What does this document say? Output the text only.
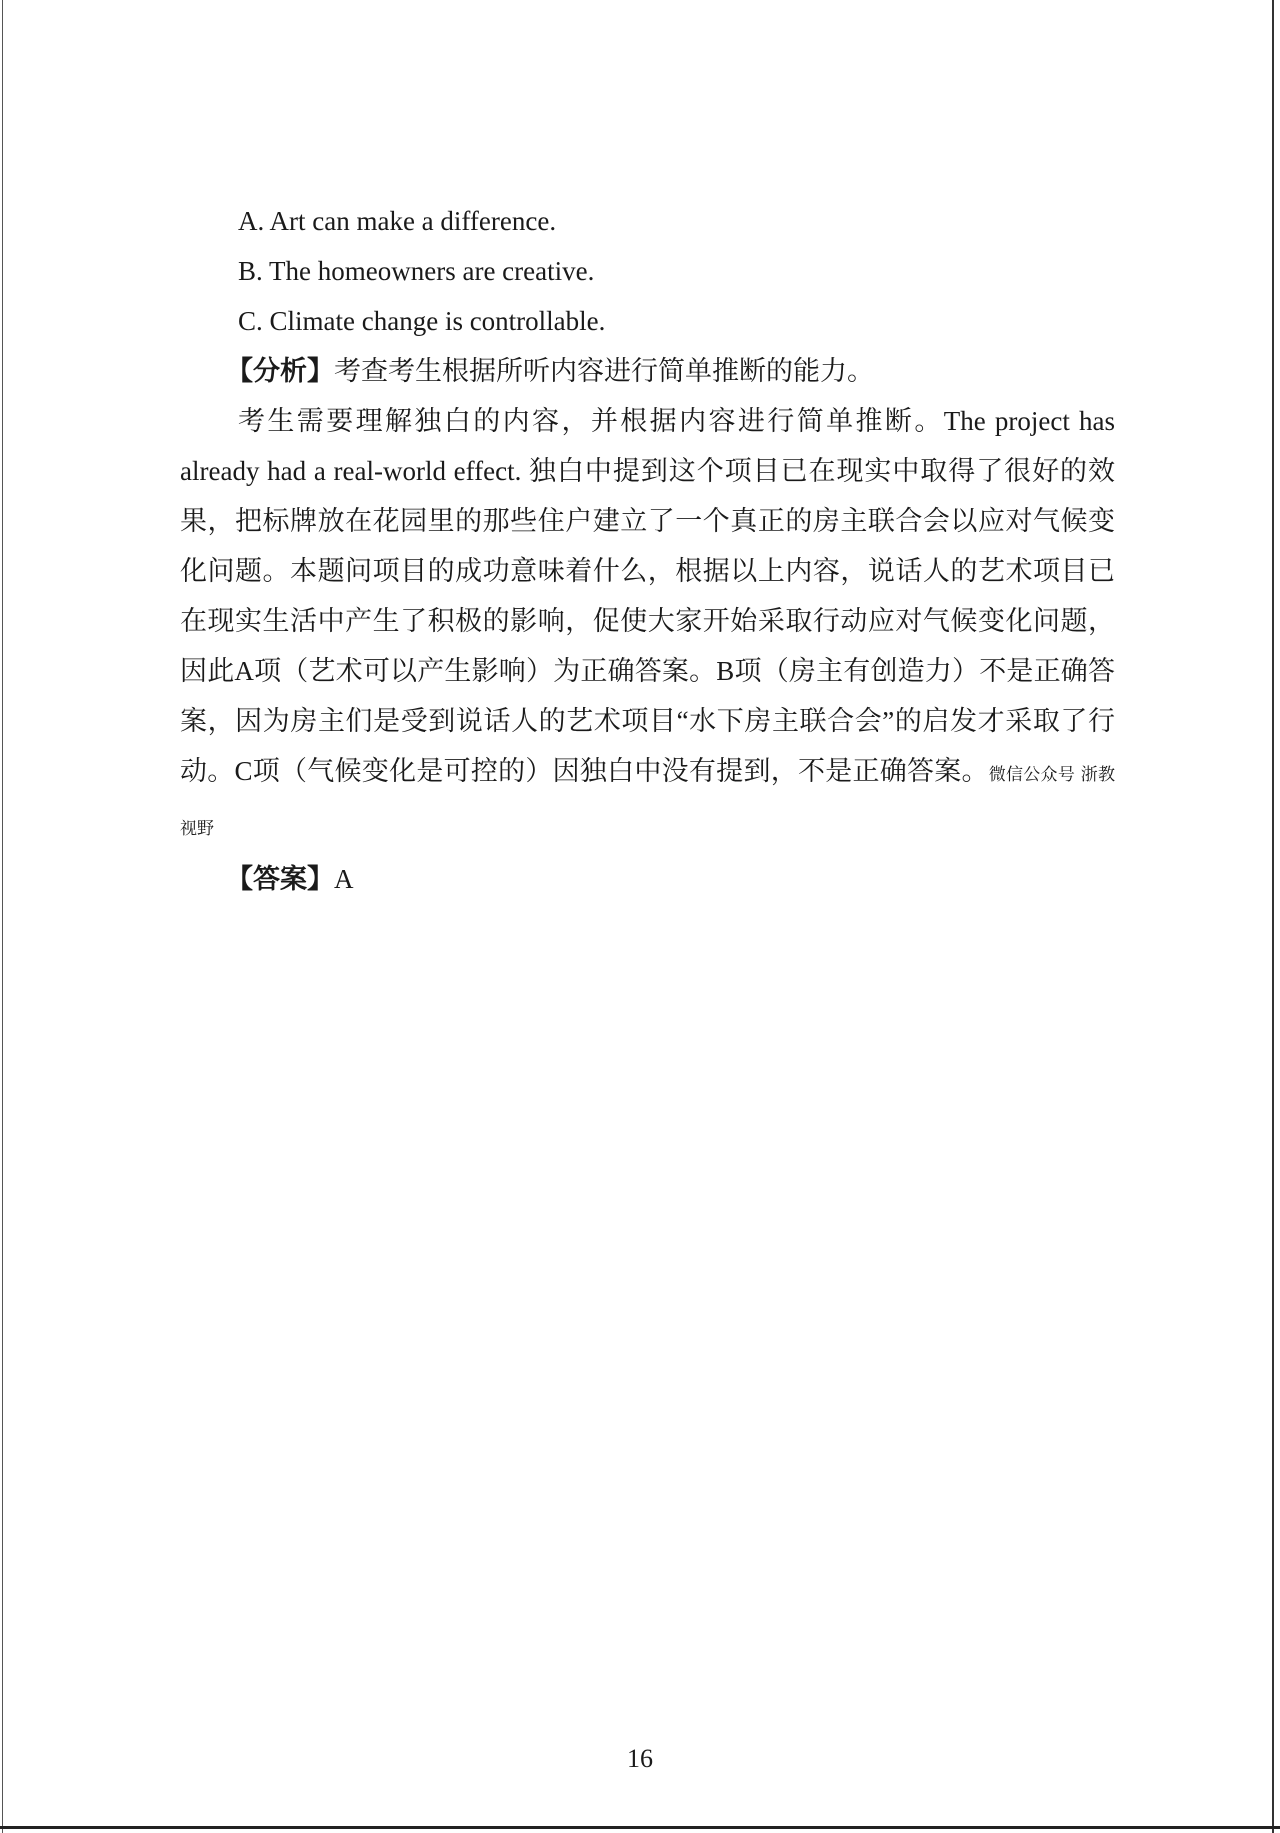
A. Art can make a difference.
B. The homeowners are creative.
C. Climate change is controllable.
【分析】考查考生根据所听内容进行简单推断的能力。

考生需要理解独白的内容，并根据内容进行简单推断。The project has already had a real-world effect. 独白中提到这个项目已在现实中取得了很好的效果，把标牌放在花园里的那些住户建立了一个真正的房主联合会以应对气候变化问题。本题问项目的成功意味着什么，根据以上内容，说话人的艺术项目已在现实生活中产生了积极的影响，促使大家开始采取行动应对气候变化问题，因此A项（艺术可以产生影响）为正确答案。B项（房主有创造力）不是正确答案，因为房主们是受到说话人的艺术项目“水下房主联合会”的启发才采取了行动。C项（气候变化是可控的）因独白中没有提到，不是正确答案。微信公众号 浙教视野

【答案】A
16
